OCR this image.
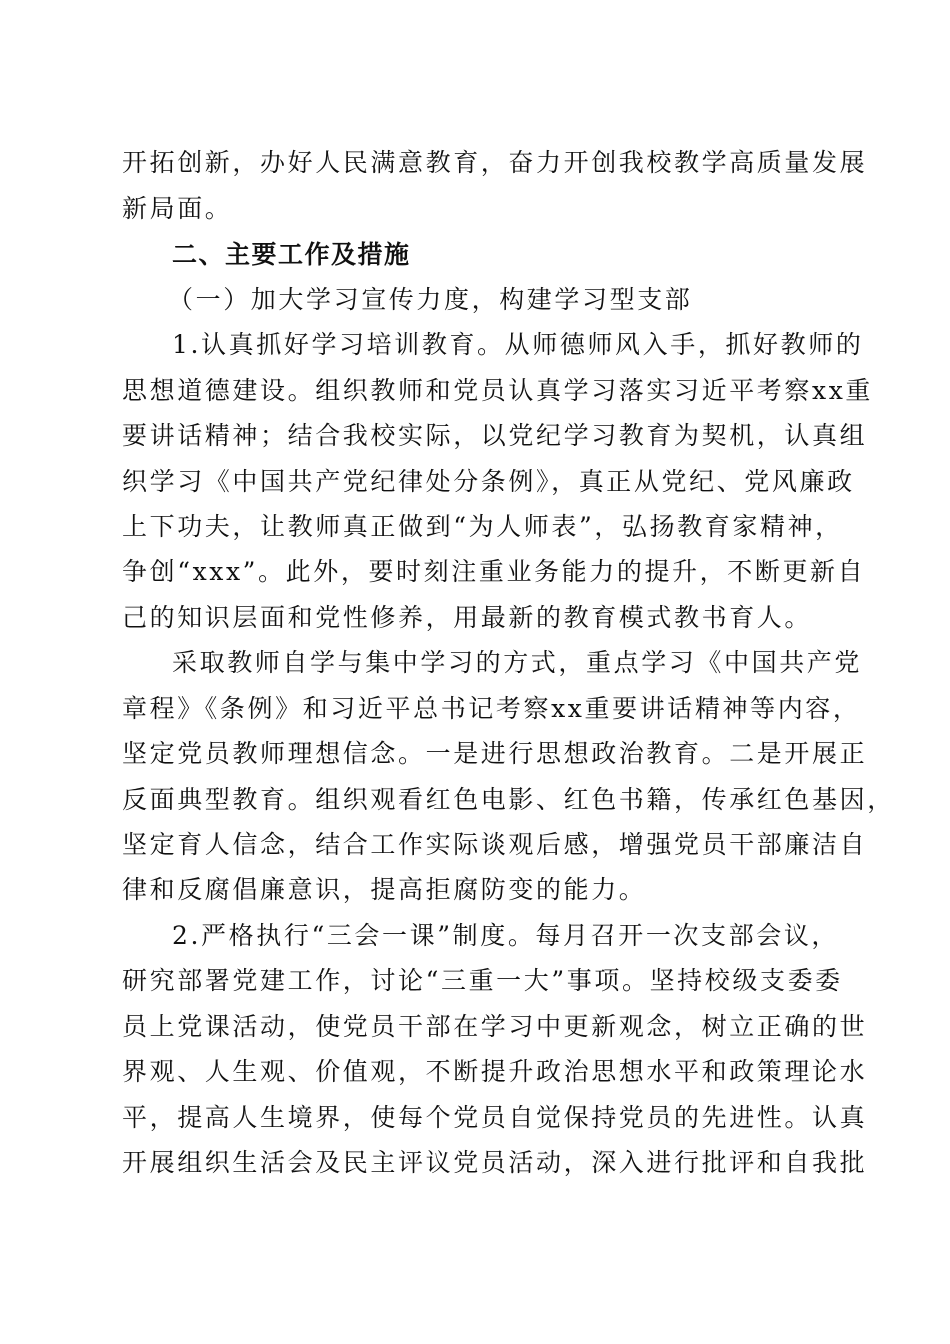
开拓创新，办好人民满意教育，奋力开创我校教学高质量发展
新局面。
二、主要工作及措施
（一）加大学习宣传力度，构建学习型支部
1.认真抓好学习培训教育。从师德师风入手，抓好教师的
思想道德建设。组织教师和党员认真学习落实习近平考察xx重
要讲话精神；结合我校实际，以党纪学习教育为契机，认真组
织学习《中国共产党纪律处分条例》，真正从党纪、党风廉政
上下功夫，让教师真正做到“为人师表”，弘扬教育家精神，
争创“xxx”。此外，要时刻注重业务能力的提升，不断更新自
己的知识层面和党性修养，用最新的教育模式教书育人。
采取教师自学与集中学习的方式，重点学习《中国共产党
章程》《条例》和习近平总书记考察xx重要讲话精神等内容，
坚定党员教师理想信念。一是进行思想政治教育。二是开展正
反面典型教育。组织观看红色电影、红色书籍，传承红色基因，
坚定育人信念，结合工作实际谈观后感，增强党员干部廉洁自
律和反腐倡廉意识，提高拒腐防变的能力。
2.严格执行“三会一课”制度。每月召开一次支部会议，
研究部署党建工作，讨论“三重一大”事项。坚持校级支委委
员上党课活动，使党员干部在学习中更新观念，树立正确的世
界观、人生观、价值观，不断提升政治思想水平和政策理论水
平，提高人生境界，使每个党员自觉保持党员的先进性。认真
开展组织生活会及民主评议党员活动，深入进行批评和自我批
